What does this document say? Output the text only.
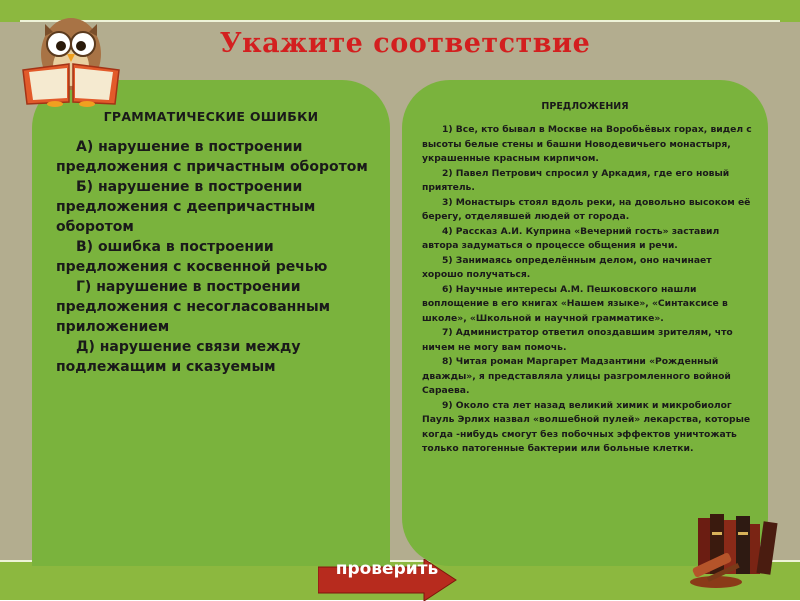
Укажите соответствие
ГРАММАТИЧЕСКИЕ ОШИБКИ

А) нарушение в построении предложения с причастным оборотом

Б) нарушение в построении предложения с деепричастным оборотом

В) ошибка в построении предложения с косвенной речью

Г) нарушение в построении предложения с несогласованным приложением

Д) нарушение связи между подлежащим и сказуемым

ПРЕДЛОЖЕНИЯ

1) Все, кто бывал в Москве на Воробьёвых горах, видел с высоты белые стены и башни Новодевичьего монастыря, украшенные красным кирпичом.

2) Павел Петрович спросил у Аркадия, где его новый приятель.

3) Монастырь стоял вдоль реки, на довольно высоком её берегу, отделявшей людей от города.

4) Рассказ А.И. Куприна «Вечерний гость» заставил автора задуматься о процессе общения и речи.

5) Занимаясь определённым делом, оно начинает хорошо получаться.

6) Научные интересы А.М. Пешковского нашли воплощение в его книгах «Нашем языке», «Синтаксисе в школе», «Школьной и научной грамматике».

7) Администратор ответил опоздавшим зрителям, что ничем не могу вам помочь.

8) Читая роман Маргарет Мадзантини «Рожденный дважды», я представляла улицы разгромленного войной Сараева.

9) Около ста лет назад великий химик и микробиолог Пауль Эрлих назвал «волшебной пулей» лекарства, которые когда -нибудь смогут без побочных эффектов уничтожать только патогенные бактерии или больные клетки.

проверить
